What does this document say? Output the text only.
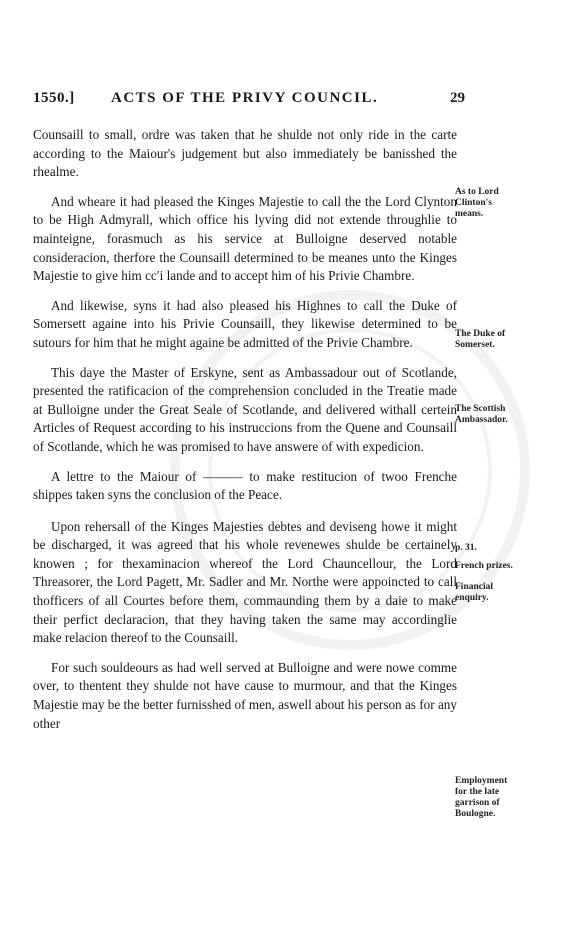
1550.] ACTS OF THE PRIVY COUNCIL.	29

Counsaill to small, ordre was taken that he shulde not only ride in the carte according to the Maiour's judgement but also immediately be banisshed the rhealme.

And wheare it had pleased the Kinges Majestie to call the the Lord Clynton to be High Admyrall, which office his lyving did not extende throughlie to mainteigne, forasmuch as his service at Bulloigne deserved notable consideracion, therfore the Counsaill determined to be meanes unto the Kinges Majestie to give him cc′i lande and to accept him of his Privie Chambre.

And likewise, syns it had also pleased his Highnes to call the Duke of Somersett againe into his Privie Counsaill, they likewise determined to be sutours for him that he might againe be admitted of the Privie Chambre.

This daye the Master of Erskyne, sent as Ambassadour out of Scotlande, presented the ratificacion of the comprehension concluded in the Treatie made at Bulloigne under the Great Seale of Scotlande, and delivered withall certein Articles of Request according to his instruccions from the Quene and Counsaill of Scotlande, which he was promised to have answere of with expedicion.

A lettre to the Maiour of ——— to make restitucion of twoo Frenche shippes taken syns the conclusion of the Peace.

Upon rehersall of the Kinges Majesties debtes and deviseng howe it might be discharged, it was agreed that his whole revenewes shulde be certainely knowen ; for thexaminacion whereof the Lord Chauncellour, the Lord Threasorer, the Lord Pagett, Mr. Sadler and Mr. Northe were appoincted to call thofficers of all Courtes before them, commaunding them by a daie to make their perfict declaracion, that they having taken the same may accordinglie make relacion thereof to the Counsaill.

For such souldeours as had well served at Bulloigne and were nowe comme over, to thentent they shulde not have cause to murmour, and that the Kinges Majestie may be the better furnisshed of men, aswell about his person as for any other

As to Lord
Clinton's
means.
The Duke of
Somerset.
The Scottish
Ambassador.
p. 31.
French prizes.
Financial
enquiry.
Employment
for the late
garrison of
Boulogne.
